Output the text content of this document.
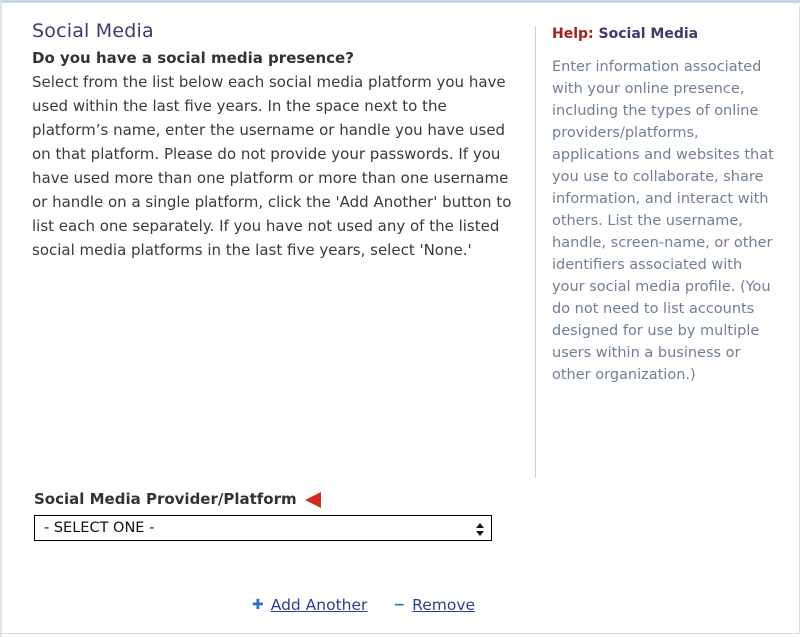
Social Media

Do you have a social media presence?

Select from the list below each social media platform you have used within the last five years. In the space next to the platform’s name, enter the username or handle you have used on that platform. Please do not provide your passwords. If you have used more than one platform or more than one username or handle on a single platform, click the 'Add Another' button to list each one separately. If you have not used any of the listed social media platforms in the last five years, select 'None.'

Help: Social Media

Enter information associated with your online presence, including the types of online providers/platforms, applications and websites that you use to collaborate, share information, and interact with others. List the username, handle, screen-name, or other identifiers associated with your social media profile. (You do not need to list accounts designed for use by multiple users within a business or other organization.)

Social Media Provider/Platform
- SELECT ONE -
✚ Add Another − Remove
